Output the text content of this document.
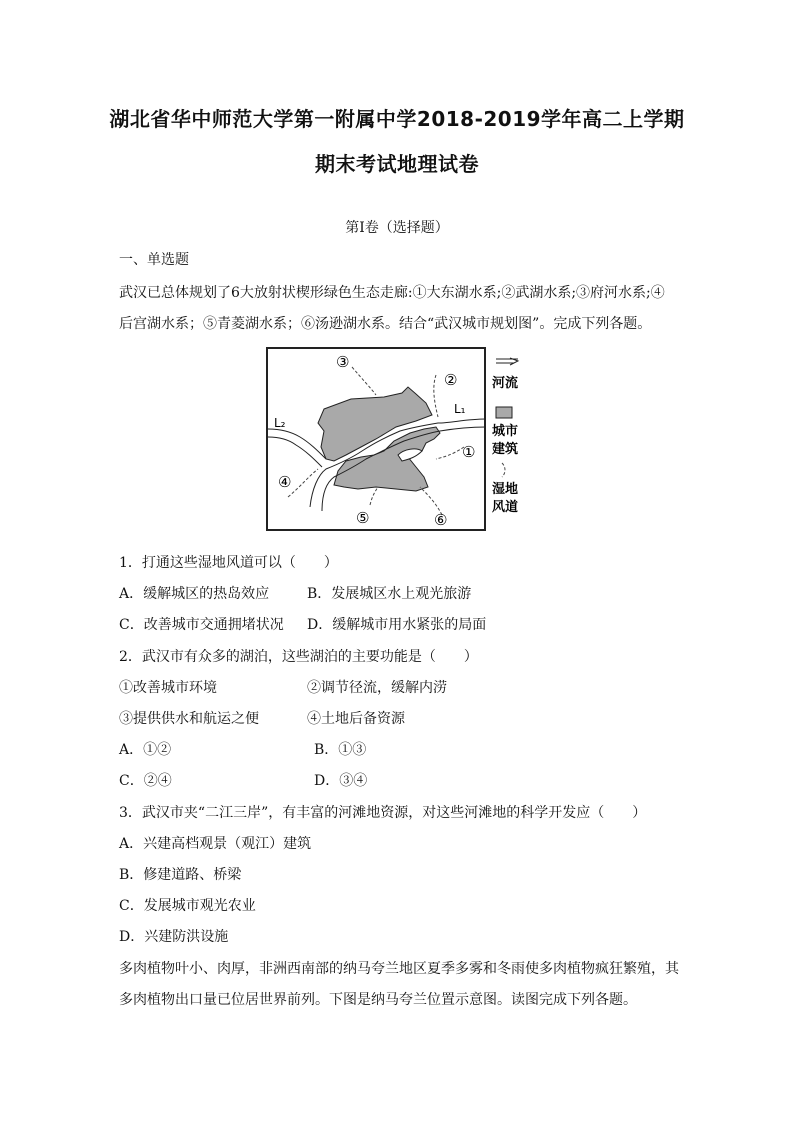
湖北省华中师范大学第一附属中学2018-2019学年高二上学期
期末考试地理试卷
第Ⅰ卷（选择题）
一、单选题
武汉已总体规划了6大放射状楔形绿色生态走廊:①大东湖水系;②武湖水系;③府河水系;④
后宫湖水系；⑤青菱湖水系；⑥汤逊湖水系。结合“武汉城市规划图”。完成下列各题。
③
②
①
④
⑤	⑥
L₁
L₂
河流
城市
建筑
湿地
风道
1．打通这些湿地风道可以（　　）
A．缓解城区的热岛效应	B．发展城区水上观光旅游
C．改善城市交通拥堵状况 D．缓解城市用水紧张的局面
2．武汉市有众多的湖泊，这些湖泊的主要功能是（　　）
①改善城市环境	②调节径流，缓解内涝
③提供供水和航运之便	④土地后备资源
A．①②	B．①③
C．②④	D．③④
3．武汉市夹“二江三岸”，有丰富的河滩地资源，对这些河滩地的科学开发应（　　）
A．兴建高档观景（观江）建筑
B．修建道路、桥梁
C．发展城市观光农业
D．兴建防洪设施
多肉植物叶小、肉厚，非洲西南部的纳马夸兰地区夏季多雾和冬雨使多肉植物疯狂繁殖，其
多肉植物出口量已位居世界前列。下图是纳马夸兰位置示意图。读图完成下列各题。
